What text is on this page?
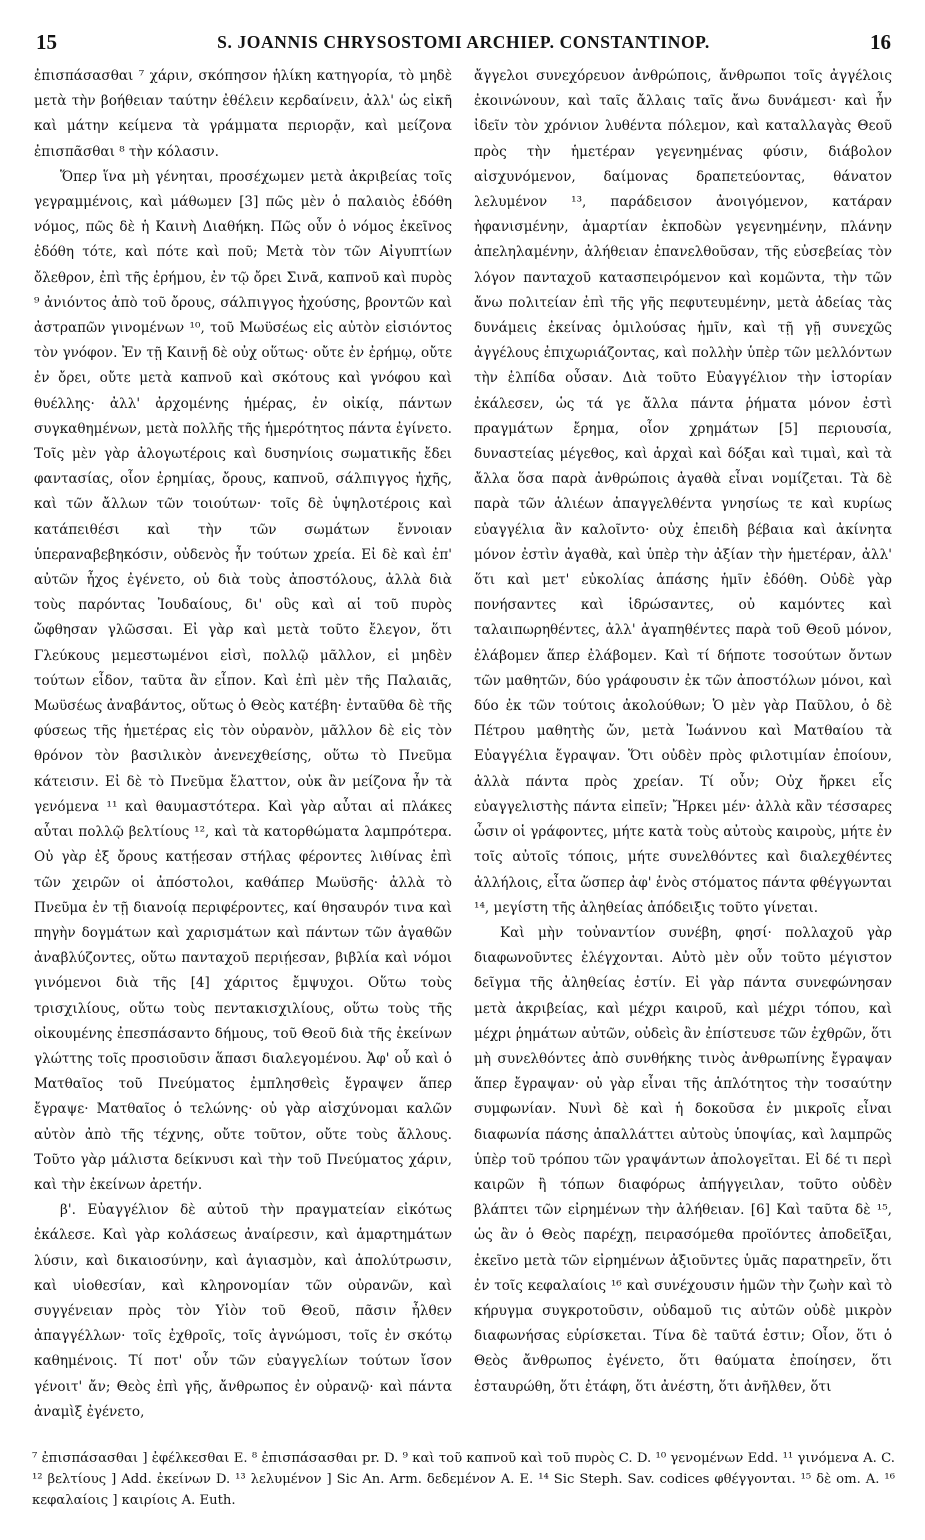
15	S. JOANNIS CHRYSOSTOMI ARCHIEP. CONSTANTINOP.	16

ἐπισπάσασθαι ⁷ χάριν, σκόπησον ἡλίκη κατηγορία, τὸ μηδὲ μετὰ τὴν βοήθειαν ταύτην ἐθέλειν κερδαίνειν, ἀλλ' ὡς εἰκῆ καὶ μάτην κείμενα τὰ γράμματα περιορᾷν, καὶ μείζονα ἐπισπᾶσθαι ⁸ τὴν κόλασιν.

Ὅπερ ἵνα μὴ γένηται, προσέχωμεν μετὰ ἀκριβείας τοῖς γεγραμμένοις, καὶ μάθωμεν [3] πῶς μὲν ὁ παλαιὸς ἐδόθη νόμος, πῶς δὲ ἡ Καινὴ Διαθήκη. Πῶς οὖν ὁ νόμος ἐκεῖνος ἐδόθη τότε, καὶ πότε καὶ ποῦ; Μετὰ τὸν τῶν Αἰγυπτίων ὄλεθρον, ἐπὶ τῆς ἐρήμου, ἐν τῷ ὄρει Σινᾶ, καπνοῦ καὶ πυρὸς ⁹ ἀνιόντος ἀπὸ τοῦ ὄρους, σάλπιγγος ἠχούσης, βροντῶν καὶ ἀστραπῶν γινομένων ¹⁰, τοῦ Μωϋσέως εἰς αὐτὸν εἰσιόντος τὸν γνόφον. Ἐν τῇ Καινῇ δὲ οὐχ οὕτως· οὔτε ἐν ἐρήμῳ, οὔτε ἐν ὄρει, οὔτε μετὰ καπνοῦ καὶ σκότους καὶ γνόφου καὶ θυέλλης· ἀλλ' ἀρχομένης ἡμέρας, ἐν οἰκίᾳ, πάντων συγκαθημένων, μετὰ πολλῆς τῆς ἡμερότητος πάντα ἐγίνετο. Τοῖς μὲν γὰρ ἀλογωτέροις καὶ δυσηνίοις σωματικῆς ἔδει φαντασίας, οἷον ἐρημίας, ὄρους, καπνοῦ, σάλπιγγος ἠχῆς, καὶ τῶν ἄλλων τῶν τοιούτων· τοῖς δὲ ὑψηλοτέροις καὶ κατάπειθέσι καὶ τὴν τῶν σωμάτων ἔννοιαν ὑπεραναβεβηκόσιν, οὐδενὸς ἦν τούτων χρεία. Εἰ δὲ καὶ ἐπ' αὐτῶν ἦχος ἐγένετο, οὐ διὰ τοὺς ἀποστόλους, ἀλλὰ διὰ τοὺς παρόντας Ἰουδαίους, δι' οὓς καὶ αἱ τοῦ πυρὸς ὤφθησαν γλῶσσαι. Εἰ γὰρ καὶ μετὰ τοῦτο ἔλεγον, ὅτι Γλεύκους μεμεστωμένοι εἰσὶ, πολλῷ μᾶλλον, εἰ μηδὲν τούτων εἶδον, ταῦτα ἂν εἶπον. Καὶ ἐπὶ μὲν τῆς Παλαιᾶς, Μωϋσέως ἀναβάντος, οὕτως ὁ Θεὸς κατέβη· ἐνταῦθα δὲ τῆς φύσεως τῆς ἡμετέρας εἰς τὸν οὐρανὸν, μᾶλλον δὲ εἰς τὸν θρόνον τὸν βασιλικὸν ἀνενεχθείσης, οὕτω τὸ Πνεῦμα κάτεισιν. Εἰ δὲ τὸ Πνεῦμα ἔλαττον, οὐκ ἂν μείζονα ἦν τὰ γενόμενα ¹¹ καὶ θαυμαστότερα. Καὶ γὰρ αὗται αἱ πλάκες αὗται πολλῷ βελτίους ¹², καὶ τὰ κατορθώματα λαμπρότερα. Οὐ γὰρ ἐξ ὄρους κατῄεσαν στήλας φέροντες λιθίνας ἐπὶ τῶν χειρῶν οἱ ἀπόστολοι, καθάπερ Μωϋσῆς· ἀλλὰ τὸ Πνεῦμα ἐν τῇ διανοίᾳ περιφέροντες, καί θησαυρόν τινα καὶ πηγὴν δογμάτων καὶ χαρισμάτων καὶ πάντων τῶν ἀγαθῶν ἀναβλύζοντες, οὕτω πανταχοῦ περιῄεσαν, βιβλία καὶ νόμοι γινόμενοι διὰ τῆς [4] χάριτος ἔμψυχοι. Οὕτω τοὺς τρισχιλίους, οὕτω τοὺς πεντακισχιλίους, οὕτω τοὺς τῆς οἰκουμένης ἐπεσπάσαντο δήμους, τοῦ Θεοῦ διὰ τῆς ἐκείνων γλώττης τοῖς προσιοῦσιν ἅπασι διαλεγομένου. Ἀφ' οὗ καὶ ὁ Ματθαῖος τοῦ Πνεύματος ἐμπλησθεὶς ἔγραψεν ἅπερ ἔγραψε· Ματθαῖος ὁ τελώνης· οὐ γὰρ αἰσχύνομαι καλῶν αὐτὸν ἀπὸ τῆς τέχνης, οὔτε τοῦτον, οὔτε τοὺς ἄλλους. Τοῦτο γὰρ μάλιστα δείκνυσι καὶ τὴν τοῦ Πνεύματος χάριν, καὶ τὴν ἐκείνων ἀρετήν.

β'. Εὐαγγέλιον δὲ αὐτοῦ τὴν πραγματείαν εἰκότως ἐκάλεσε. Καὶ γὰρ κολάσεως ἀναίρεσιν, καὶ ἁμαρτημάτων λύσιν, καὶ δικαιοσύνην, καὶ ἁγιασμὸν, καὶ ἀπολύτρωσιν, καὶ υἱοθεσίαν, καὶ κληρονομίαν τῶν οὐρανῶν, καὶ συγγένειαν πρὸς τὸν Υἱὸν τοῦ Θεοῦ, πᾶσιν ἦλθεν ἀπαγγέλλων· τοῖς ἐχθροῖς, τοῖς ἀγνώμοσι, τοῖς ἐν σκότῳ καθημένοις. Τί ποτ' οὖν τῶν εὐαγγελίων τούτων ἴσον γένοιτ' ἄν; Θεὸς ἐπὶ γῆς, ἄνθρωπος ἐν οὐρανῷ· καὶ πάντα ἀναμὶξ ἐγένετο,

ἄγγελοι συνεχόρευον ἀνθρώποις, ἄνθρωποι τοῖς ἀγγέλοις ἐκοινώνουν, καὶ ταῖς ἄλλαις ταῖς ἄνω δυνάμεσι· καὶ ἦν ἰδεῖν τὸν χρόνιον λυθέντα πόλεμον, καὶ καταλλαγὰς Θεοῦ πρὸς τὴν ἡμετέραν γεγενημένας φύσιν, διάβολον αἰσχυνόμενον, δαίμονας δραπετεύοντας, θάνατον λελυμένον ¹³, παράδεισον ἀνοιγόμενον, κατάραν ἠφανισμένην, ἁμαρτίαν ἐκποδὼν γεγενημένην, πλάνην ἀπεληλαμένην, ἀλήθειαν ἐπανελθοῦσαν, τῆς εὐσεβείας τὸν λόγον πανταχοῦ κατασπειρόμενον καὶ κομῶντα, τὴν τῶν ἄνω πολιτείαν ἐπὶ τῆς γῆς πεφυτευμένην, μετὰ ἀδείας τὰς δυνάμεις ἐκείνας ὁμιλούσας ἡμῖν, καὶ τῇ γῇ συνεχῶς ἀγγέλους ἐπιχωριάζοντας, καὶ πολλὴν ὑπὲρ τῶν μελλόντων τὴν ἐλπίδα οὖσαν. Διὰ τοῦτο Εὐαγγέλιον τὴν ἱστορίαν ἐκάλεσεν, ὡς τά γε ἄλλα πάντα ῥήματα μόνον ἐστὶ πραγμάτων ἔρημα, οἷον χρημάτων [5] περιουσία, δυναστείας μέγεθος, καὶ ἀρχαὶ καὶ δόξαι καὶ τιμαὶ, καὶ τὰ ἄλλα ὅσα παρὰ ἀνθρώποις ἀγαθὰ εἶναι νομίζεται. Τὰ δὲ παρὰ τῶν ἁλιέων ἀπαγγελθέντα γνησίως τε καὶ κυρίως εὐαγγέλια ἂν καλοῖντο· οὐχ ἐπειδὴ βέβαια καὶ ἀκίνητα μόνον ἐστὶν ἀγαθὰ, καὶ ὑπὲρ τὴν ἀξίαν τὴν ἡμετέραν, ἀλλ' ὅτι καὶ μετ' εὐκολίας ἁπάσης ἡμῖν ἐδόθη. Οὐδὲ γὰρ πονήσαντες καὶ ἱδρώσαντες, οὐ καμόντες καὶ ταλαιπωρηθέντες, ἀλλ' ἀγαπηθέντες παρὰ τοῦ Θεοῦ μόνον, ἐλάβομεν ἅπερ ἐλάβομεν. Καὶ τί δήποτε τοσούτων ὄντων τῶν μαθητῶν, δύο γράφουσιν ἐκ τῶν ἀποστόλων μόνοι, καὶ δύο ἐκ τῶν τούτοις ἀκολούθων; Ὁ μὲν γὰρ Παῦλου, ὁ δὲ Πέτρου μαθητὴς ὤν, μετὰ Ἰωάννου καὶ Ματθαίου τὰ Εὐαγγέλια ἔγραψαν. Ὅτι οὐδὲν πρὸς φιλοτιμίαν ἐποίουν, ἀλλὰ πάντα πρὸς χρείαν. Τί οὖν; Οὐχ ἤρκει εἷς εὐαγγελιστὴς πάντα εἰπεῖν; Ἤρκει μέν· ἀλλὰ κἂν τέσσαρες ὦσιν οἱ γράφοντες, μήτε κατὰ τοὺς αὐτοὺς καιροὺς, μήτε ἐν τοῖς αὐτοῖς τόποις, μήτε συνελθόντες καὶ διαλεχθέντες ἀλλήλοις, εἶτα ὥσπερ ἀφ' ἑνὸς στόματος πάντα φθέγγωνται ¹⁴, μεγίστη τῆς ἀληθείας ἀπόδειξις τοῦτο γίνεται.

Καὶ μὴν τοὐναντίον συνέβη, φησί· πολλαχοῦ γὰρ διαφωνοῦντες ἐλέγχονται. Αὐτὸ μὲν οὖν τοῦτο μέγιστον δεῖγμα τῆς ἀληθείας ἐστίν. Εἰ γὰρ πάντα συνεφώνησαν μετὰ ἀκριβείας, καὶ μέχρι καιροῦ, καὶ μέχρι τόπου, καὶ μέχρι ῥημάτων αὐτῶν, οὐδεὶς ἂν ἐπίστευσε τῶν ἐχθρῶν, ὅτι μὴ συνελθόντες ἀπὸ συνθήκης τινὸς ἀνθρωπίνης ἔγραψαν ἅπερ ἔγραψαν· οὐ γὰρ εἶναι τῆς ἁπλότητος τὴν τοσαύτην συμφωνίαν. Νυνὶ δὲ καὶ ἡ δοκοῦσα ἐν μικροῖς εἶναι διαφωνία πάσης ἀπαλλάττει αὐτοὺς ὑποψίας, καὶ λαμπρῶς ὑπὲρ τοῦ τρόπου τῶν γραψάντων ἀπολογεῖται. Εἰ δέ τι περὶ καιρῶν ἢ τόπων διαφόρως ἀπήγγειλαν, τοῦτο οὐδὲν βλάπτει τῶν εἰρημένων τὴν ἀλήθειαν. [6] Καὶ ταῦτα δὲ ¹⁵, ὡς ἂν ὁ Θεὸς παρέχῃ, πειρασόμεθα προϊόντες ἀποδεῖξαι, ἐκεῖνο μετὰ τῶν εἰρημένων ἀξιοῦντες ὑμᾶς παρατηρεῖν, ὅτι ἐν τοῖς κεφαλαίοις ¹⁶ καὶ συνέχουσιν ἡμῶν τὴν ζωὴν καὶ τὸ κήρυγμα συγκροτοῦσιν, οὐδαμοῦ τις αὐτῶν οὐδὲ μικρὸν διαφωνήσας εὑρίσκεται. Τίνα δὲ ταῦτά ἐστιν; Οἷον, ὅτι ὁ Θεὸς ἄνθρωπος ἐγένετο, ὅτι θαύματα ἐποίησεν, ὅτι ἐσταυρώθη, ὅτι ἐτάφη, ὅτι ἀνέστη, ὅτι ἀνῆλθεν, ὅτι

⁷ ἐπισπάσασθαι ] ἐφέλκεσθαι E. ⁸ ἐπισπάσασθαι pr. D. ⁹ καὶ τοῦ καπνοῦ καὶ τοῦ πυρὸς C. D. ¹⁰ γενομένων Edd. ¹¹ γινόμενα A. C. ¹² βελτίους ] Add. ἐκείνων D. ¹³ λελυμένον ] Sic An. Arm. δεδεμένον A. E. ¹⁴ Sic Steph. Sav. codices φθέγγονται. ¹⁵ δὲ om. A. ¹⁶ κεφαλαίοις ] καιρίοις A. Euth.
